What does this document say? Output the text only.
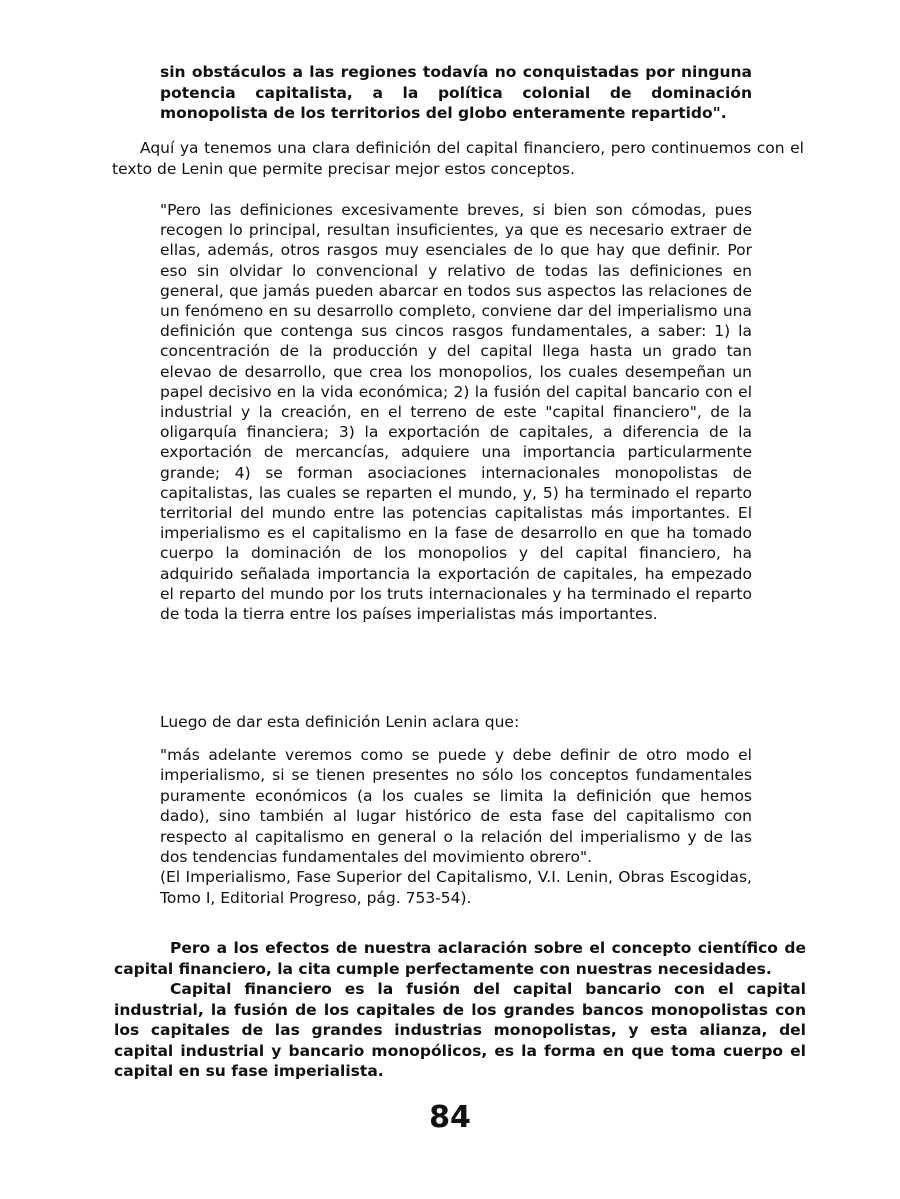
sin obstáculos a las regiones todavía no conquistadas por ninguna potencia capitalista, a la política colonial de dominación monopolista de los territorios del globo enteramente repartido".

Aquí ya tenemos una clara definición del capital financiero, pero continuemos con el texto de Lenin que permite precisar mejor estos conceptos.

"Pero las definiciones excesivamente breves, si bien son cómodas, pues recogen lo principal, resultan insuficientes, ya que es necesario extraer de ellas, además, otros rasgos muy esenciales de lo que hay que definir. Por eso sin olvidar lo convencional y relativo de todas las definiciones en general, que jamás pueden abarcar en todos sus aspectos las relaciones de un fenómeno en su desarrollo completo, conviene dar del imperialismo una definición que contenga sus cincos rasgos fundamentales, a saber: 1) la concentración de la producción y del capital llega hasta un grado tan elevao de desarrollo, que crea los monopolios, los cuales desempeñan un papel decisivo en la vida económica; 2) la fusión del capital bancario con el industrial y la creación, en el terreno de este "capital financiero", de la oligarquía financiera; 3) la exportación de capitales, a diferencia de la exportación de mercancías, adquiere una importancia particularmente grande; 4) se forman asociaciones internacionales monopolistas de capitalistas, las cuales se reparten el mundo, y, 5) ha terminado el reparto territorial del mundo entre las potencias capitalistas más importantes. El imperialismo es el capitalismo en la fase de desarrollo en que ha tomado cuerpo la dominación de los monopolios y del capital financiero, ha adquirido señalada importancia la exportación de capitales, ha empezado el reparto del mundo por los truts internacionales y ha terminado el reparto de toda la tierra entre los países imperialistas más importantes.

Luego de dar esta definición Lenin aclara que:

"más adelante veremos como se puede y debe definir de otro modo el imperialismo, si se tienen presentes no sólo los conceptos fundamentales puramente económicos (a los cuales se limita la definición que hemos dado), sino también al lugar histórico de esta fase del capitalismo con respecto al capitalismo en general o la relación del imperialismo y de las dos tendencias fundamentales del movimiento obrero".
(El Imperialismo, Fase Superior del Capitalismo, V.I. Lenin, Obras Escogidas, Tomo I, Editorial Progreso, pág. 753-54).
Pero a los efectos de nuestra aclaración sobre el concepto científico de capital financiero, la cita cumple perfectamente con nuestras necesidades.
Capital financiero es la fusión del capital bancario con el capital industrial, la fusión de los capitales de los grandes bancos monopolistas con los capitales de las grandes industrias monopolistas, y esta alianza, del capital industrial y bancario monopólicos, es la forma en que toma cuerpo el capital en su fase imperialista.
84
